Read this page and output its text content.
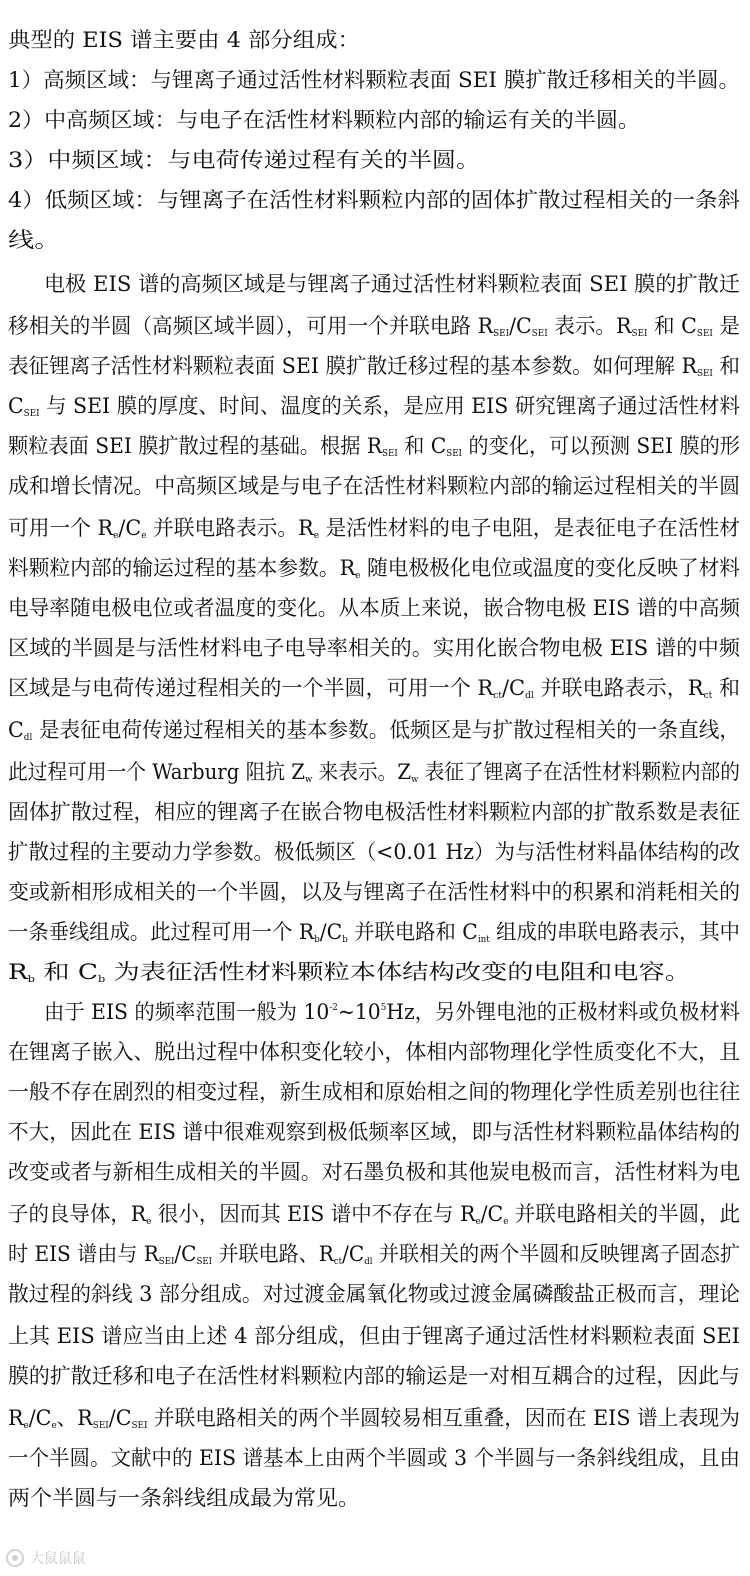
典型的 EIS 谱主要由 4 部分组成：
1）高频区域：与锂离子通过活性材料颗粒表面 SEI 膜扩散迁移相关的半圆。
2）中高频区域：与电子在活性材料颗粒内部的输运有关的半圆。
3）中频区域：与电荷传递过程有关的半圆。
4）低频区域：与锂离子在活性材料颗粒内部的固体扩散过程相关的一条斜
线。
电极 EIS 谱的高频区域是与锂离子通过活性材料颗粒表面 SEI 膜的扩散迁
移相关的半圆（高频区域半圆），可用一个并联电路 $R_{SEI}/C_{SEI}$ 表示。$R_{SEI}$ 和 $C_{SEI}$ 是
表征锂离子活性材料颗粒表面 SEI 膜扩散迁移过程的基本参数。如何理解 $R_{SEI}$ 和
$C_{SEI}$ 与 SEI 膜的厚度、时间、温度的关系，是应用 EIS 研究锂离子通过活性材料
颗粒表面 SEI 膜扩散过程的基础。根据 $R_{SEI}$ 和 $C_{SEI}$ 的变化，可以预测 SEI 膜的形
成和增长情况。中高频区域是与电子在活性材料颗粒内部的输运过程相关的半圆
可用一个 $R_e/C_e$ 并联电路表示。$R_e$ 是活性材料的电子电阻，是表征电子在活性材
料颗粒内部的输运过程的基本参数。$R_e$ 随电极极化电位或温度的变化反映了材料
电导率随电极电位或者温度的变化。从本质上来说，嵌合物电极 EIS 谱的中高频
区域的半圆是与活性材料电子电导率相关的。实用化嵌合物电极 EIS 谱的中频
区域是与电荷传递过程相关的一个半圆，可用一个 $R_{ct}/C_{dl}$ 并联电路表示，$R_{ct}$ 和
$C_{dl}$ 是表征电荷传递过程相关的基本参数。低频区是与扩散过程相关的一条直线，
此过程可用一个 Warburg 阻抗 $Z_w$ 来表示。$Z_w$ 表征了锂离子在活性材料颗粒内部的
固体扩散过程，相应的锂离子在嵌合物电极活性材料颗粒内部的扩散系数是表征
扩散过程的主要动力学参数。极低频区（<0.01 Hz）为与活性材料晶体结构的改
变或新相形成相关的一个半圆，以及与锂离子在活性材料中的积累和消耗相关的
一条垂线组成。此过程可用一个 $R_b/C_b$ 并联电路和 $C_{int}$ 组成的串联电路表示，其中
$R_b$ 和 $C_b$ 为表征活性材料颗粒本体结构改变的电阻和电容。
由于 EIS 的频率范围一般为 $10^{-2}\sim 10^5Hz$，另外锂电池的正极材料或负极材料
在锂离子嵌入、脱出过程中体积变化较小，体相内部物理化学性质变化不大，且
一般不存在剧烈的相变过程，新生成相和原始相之间的物理化学性质差别也往往
不大，因此在 EIS 谱中很难观察到极低频率区域，即与活性材料颗粒晶体结构的
改变或者与新相生成相关的半圆。对石墨负极和其他炭电极而言，活性材料为电
子的良导体，$R_e$ 很小，因而其 EIS 谱中不存在与 $R_e/C_e$ 并联电路相关的半圆，此
时 EIS 谱由与 $R_{SEI}/C_{SEI}$ 并联电路、$R_{ct}/C_{dl}$ 并联相关的两个半圆和反映锂离子固态扩
散过程的斜线 3 部分组成。对过渡金属氧化物或过渡金属磷酸盐正极而言，理论
上其 EIS 谱应当由上述 4 部分组成，但由于锂离子通过活性材料颗粒表面 SEI
膜的扩散迁移和电子在活性材料颗粒内部的输运是一对相互耦合的过程，因此与
$R_e/C_e$、$R_{SEI}/C_{SEI}$ 并联电路相关的两个半圆较易相互重叠，因而在 EIS 谱上表现为
一个半圆。文献中的 EIS 谱基本上由两个半圆或 3 个半圆与一条斜线组成，且由
两个半圆与一条斜线组成最为常见。
大鼠鼠鼠
